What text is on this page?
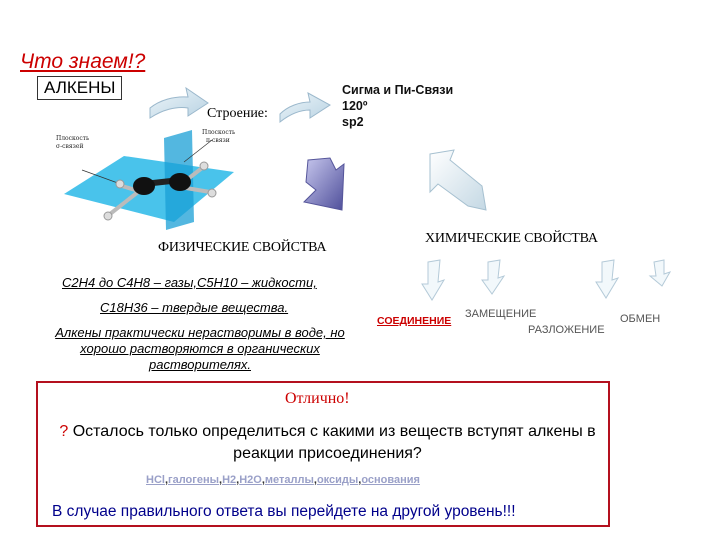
Что знаем!?
АЛКЕНЫ
Строение:
Сигма и Пи-Связи
120º
sp2
Плоскость
σ-связей
Плоскость
π-связи
ФИЗИЧЕСКИЕ СВОЙСТВА
ХИМИЧЕСКИЕ СВОЙСТВА
С2Н4 до С4Н8 – газы,С5Н10 – жидкости,
С18Н36 – твердые вещества.
Алкены практически нерастворимы в воде, но хорошо растворяются в органических растворителях.
СОЕДИНЕНИЕ
ЗАМЕЩЕНИЕ
РАЗЛОЖЕНИЕ
ОБМЕН
Отлично!
? Осталось только определиться с какими из веществ вступят алкены в реакции присоединения?
НCl,галогены,Н2,Н2О,металлы,оксиды,основания
В случае правильного ответа вы перейдете на другой уровень!!!
